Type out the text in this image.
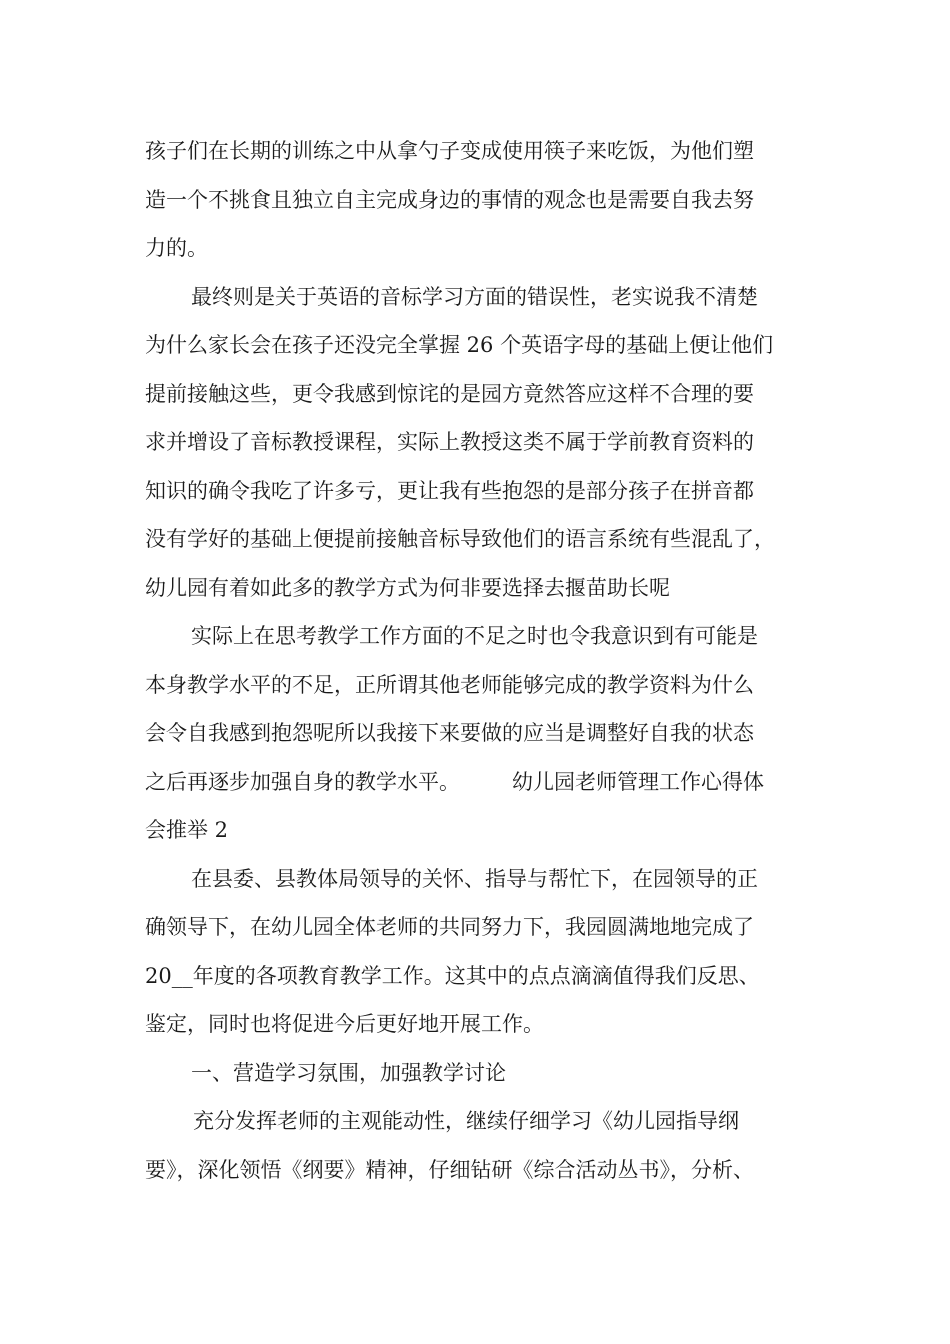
孩子们在长期的训练之中从拿勺子变成使用筷子来吃饭，为他们塑
造一个不挑食且独立自主完成身边的事情的观念也是需要自我去努
力的。
最终则是关于英语的音标学习方面的错误性，老实说我不清楚
为什么家长会在孩子还没完全掌握 26 个英语字母的基础上便让他们
提前接触这些，更令我感到惊诧的是园方竟然答应这样不合理的要
求并增设了音标教授课程，实际上教授这类不属于学前教育资料的
知识的确令我吃了许多亏，更让我有些抱怨的是部分孩子在拼音都
没有学好的基础上便提前接触音标导致他们的语言系统有些混乱了，
幼儿园有着如此多的教学方式为何非要选择去揠苗助长呢
实际上在思考教学工作方面的不足之时也令我意识到有可能是
本身教学水平的不足，正所谓其他老师能够完成的教学资料为什么
会令自我感到抱怨呢所以我接下来要做的应当是调整好自我的状态
之后再逐步加强自身的教学水平。 幼儿园老师管理工作心得体
会推举 2
在县委、县教体局领导的关怀、指导与帮忙下，在园领导的正
确领导下，在幼儿园全体老师的共同努力下，我园圆满地地完成了
20__年度的各项教育教学工作。这其中的点点滴滴值得我们反思、
鉴定，同时也将促进今后更好地开展工作。
一、营造学习氛围，加强教学讨论
充分发挥老师的主观能动性，继续仔细学习《幼儿园指导纲
要》，深化领悟《纲要》精神，仔细钻研《综合活动丛书》，分析、
